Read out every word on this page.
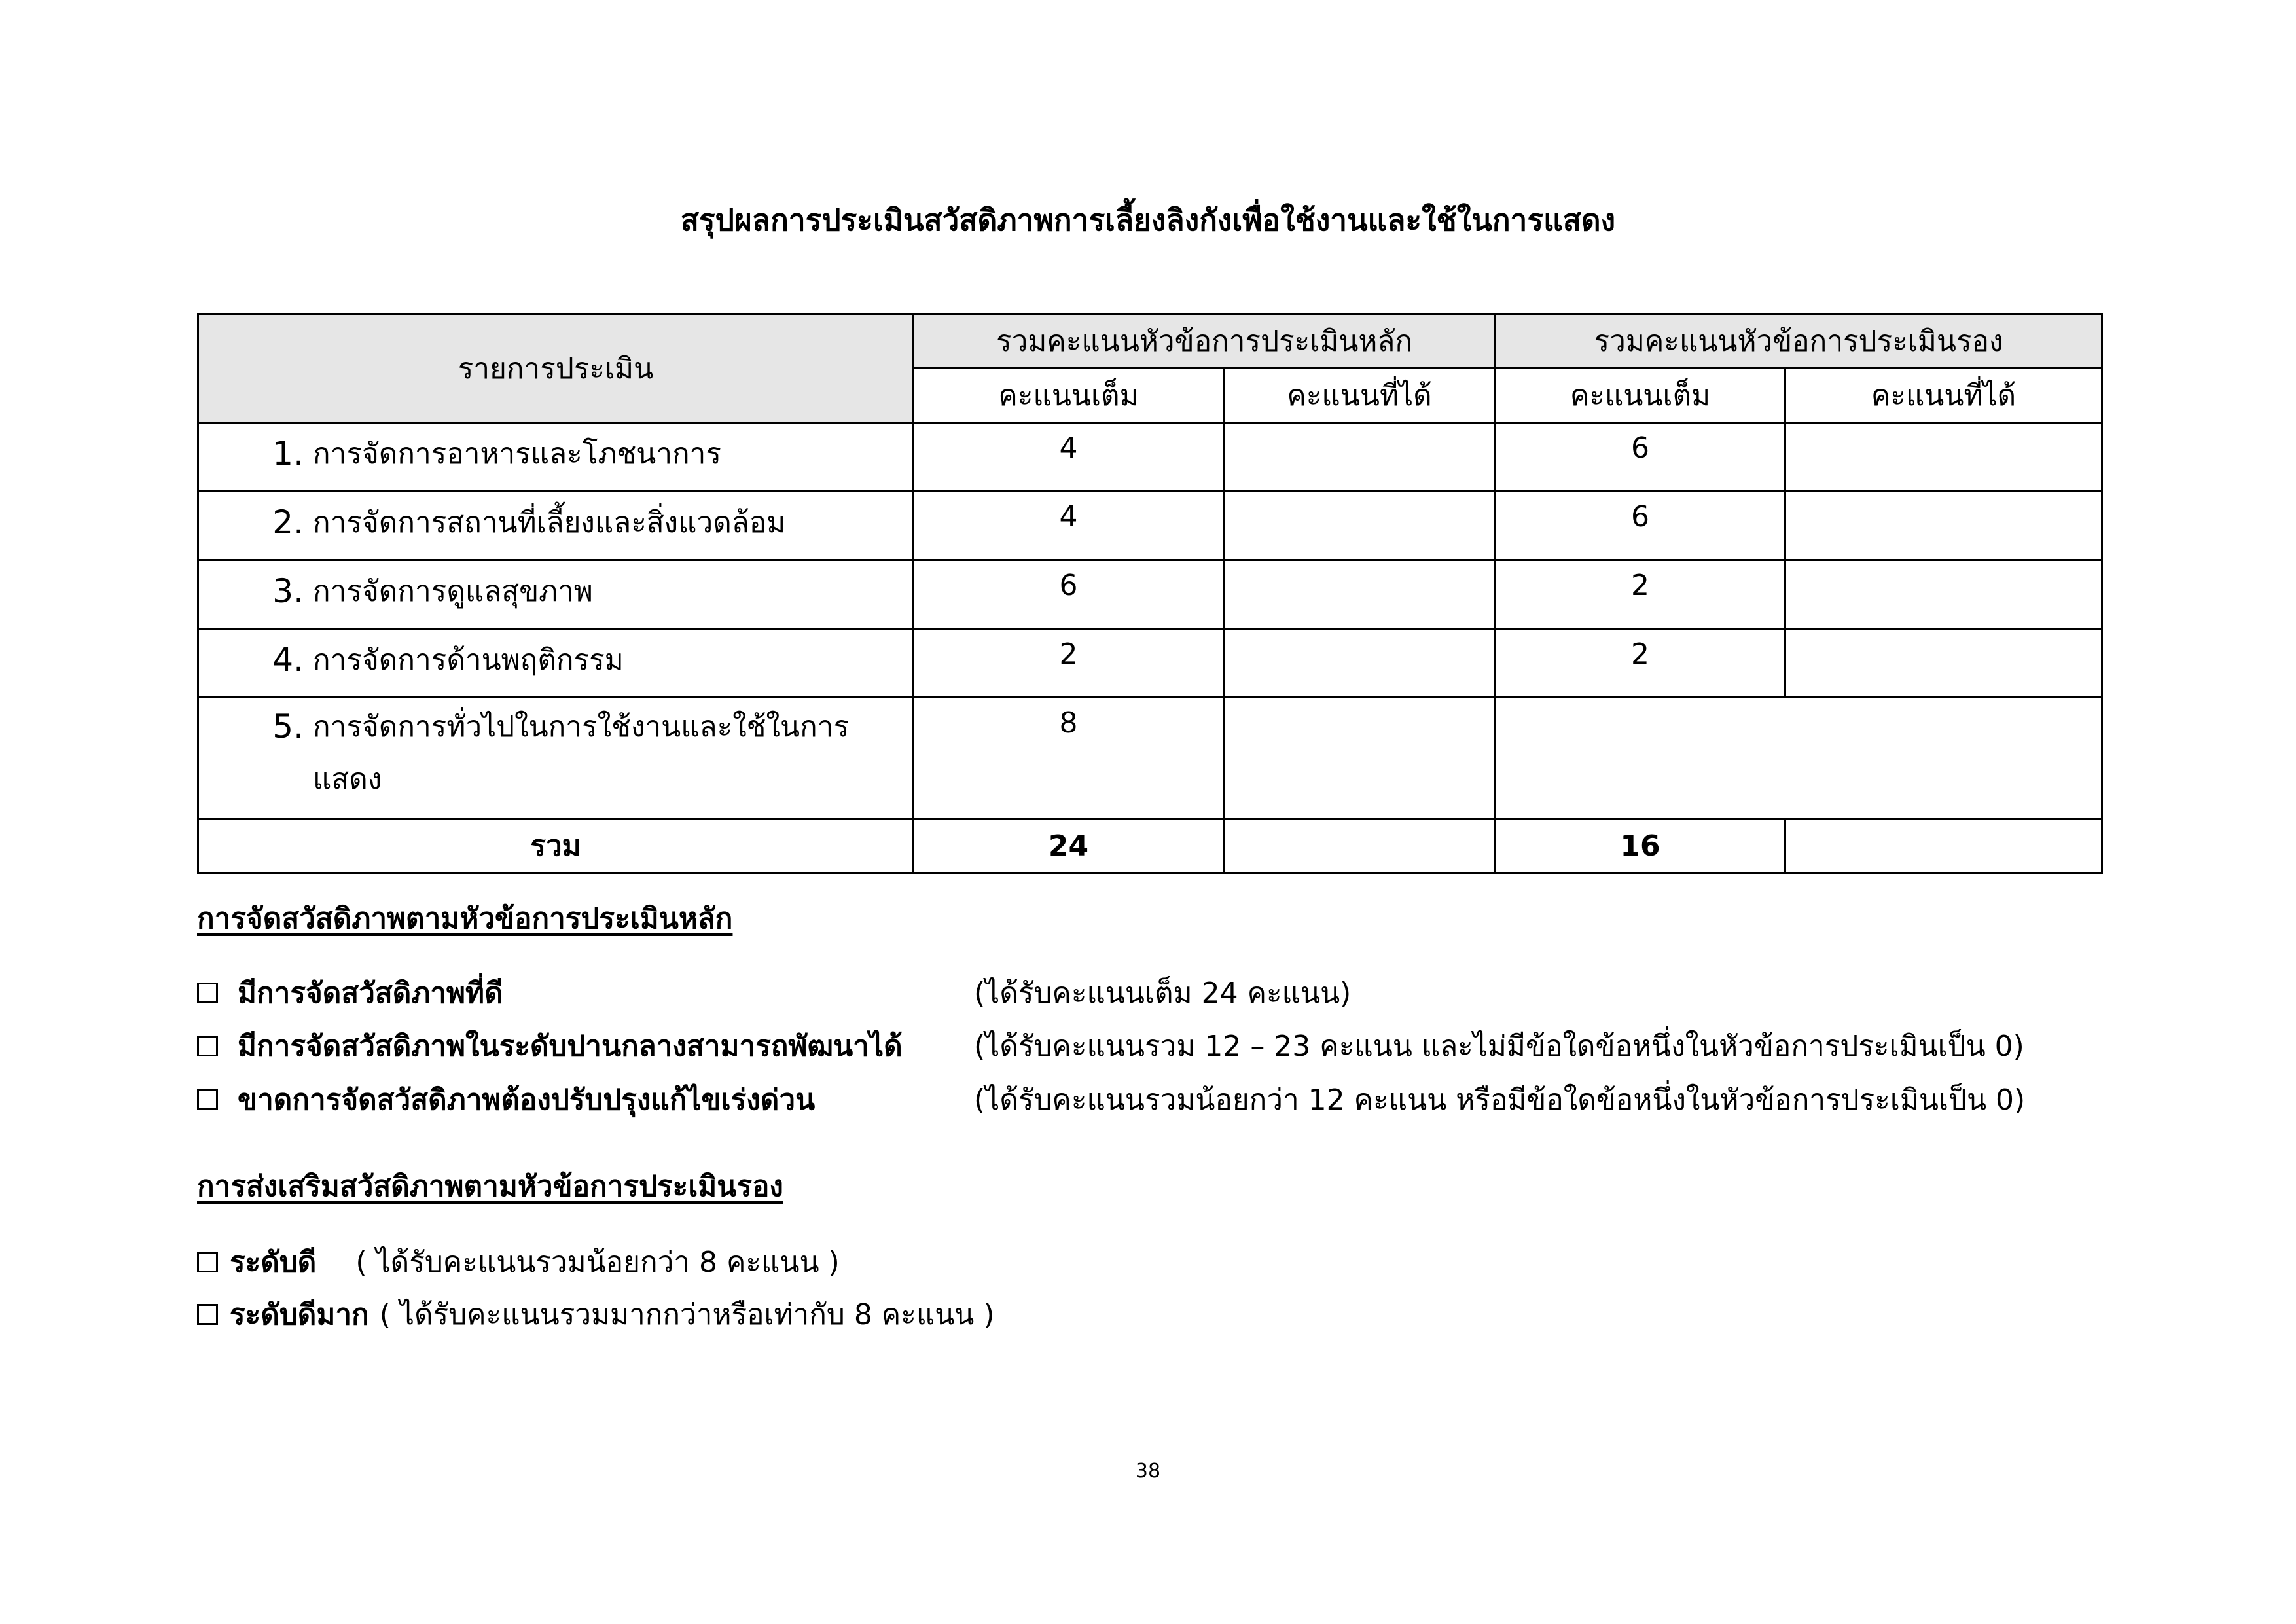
สรุปผลการประเมินสวัสดิภาพการเลี้ยงลิงกังเพื่อใช้งานและใช้ในการแสดง
รายการประเมิน	รวมคะแนนหัวข้อการประเมินหลัก		รวมคะแนนหัวข้อการประเมินรอง	
	คะแนนเต็ม	คะแนนที่ได้	คะแนนเต็ม	คะแนนที่ได้

1. การจัดการอาหารและโภชนาการ	4		6	

2. การจัดการสถานที่เลี้ยงและสิ่งแวดล้อม	4		6	

3. การจัดการดูแลสุขภาพ	6		2	

4. การจัดการด้านพฤติกรรม	2		2	

5. การจัดการทั่วไปในการใช้งานและใช้ในการ
แสดง	8			
รวม	24		16	
การจัดสวัสดิภาพตามหัวข้อการประเมินหลัก
มีการจัดสวัสดิภาพที่ดี	(ได้รับคะแนนเต็ม 24 คะแนน)
มีการจัดสวัสดิภาพในระดับปานกลางสามารถพัฒนาได้ (ได้รับคะแนนรวม 12 – 23 คะแนน และไม่มีข้อใดข้อหนึ่งในหัวข้อการประเมินเป็น 0)
ขาดการจัดสวัสดิภาพต้องปรับปรุงแก้ไขเร่งด่วน	(ได้รับคะแนนรวมน้อยกว่า 12 คะแนน หรือมีข้อใดข้อหนึ่งในหัวข้อการประเมินเป็น 0)
การส่งเสริมสวัสดิภาพตามหัวข้อการประเมินรอง
ระดับดี ( ได้รับคะแนนรวมน้อยกว่า 8 คะแนน )
ระดับดีมาก ( ได้รับคะแนนรวมมากกว่าหรือเท่ากับ 8 คะแนน )
38
